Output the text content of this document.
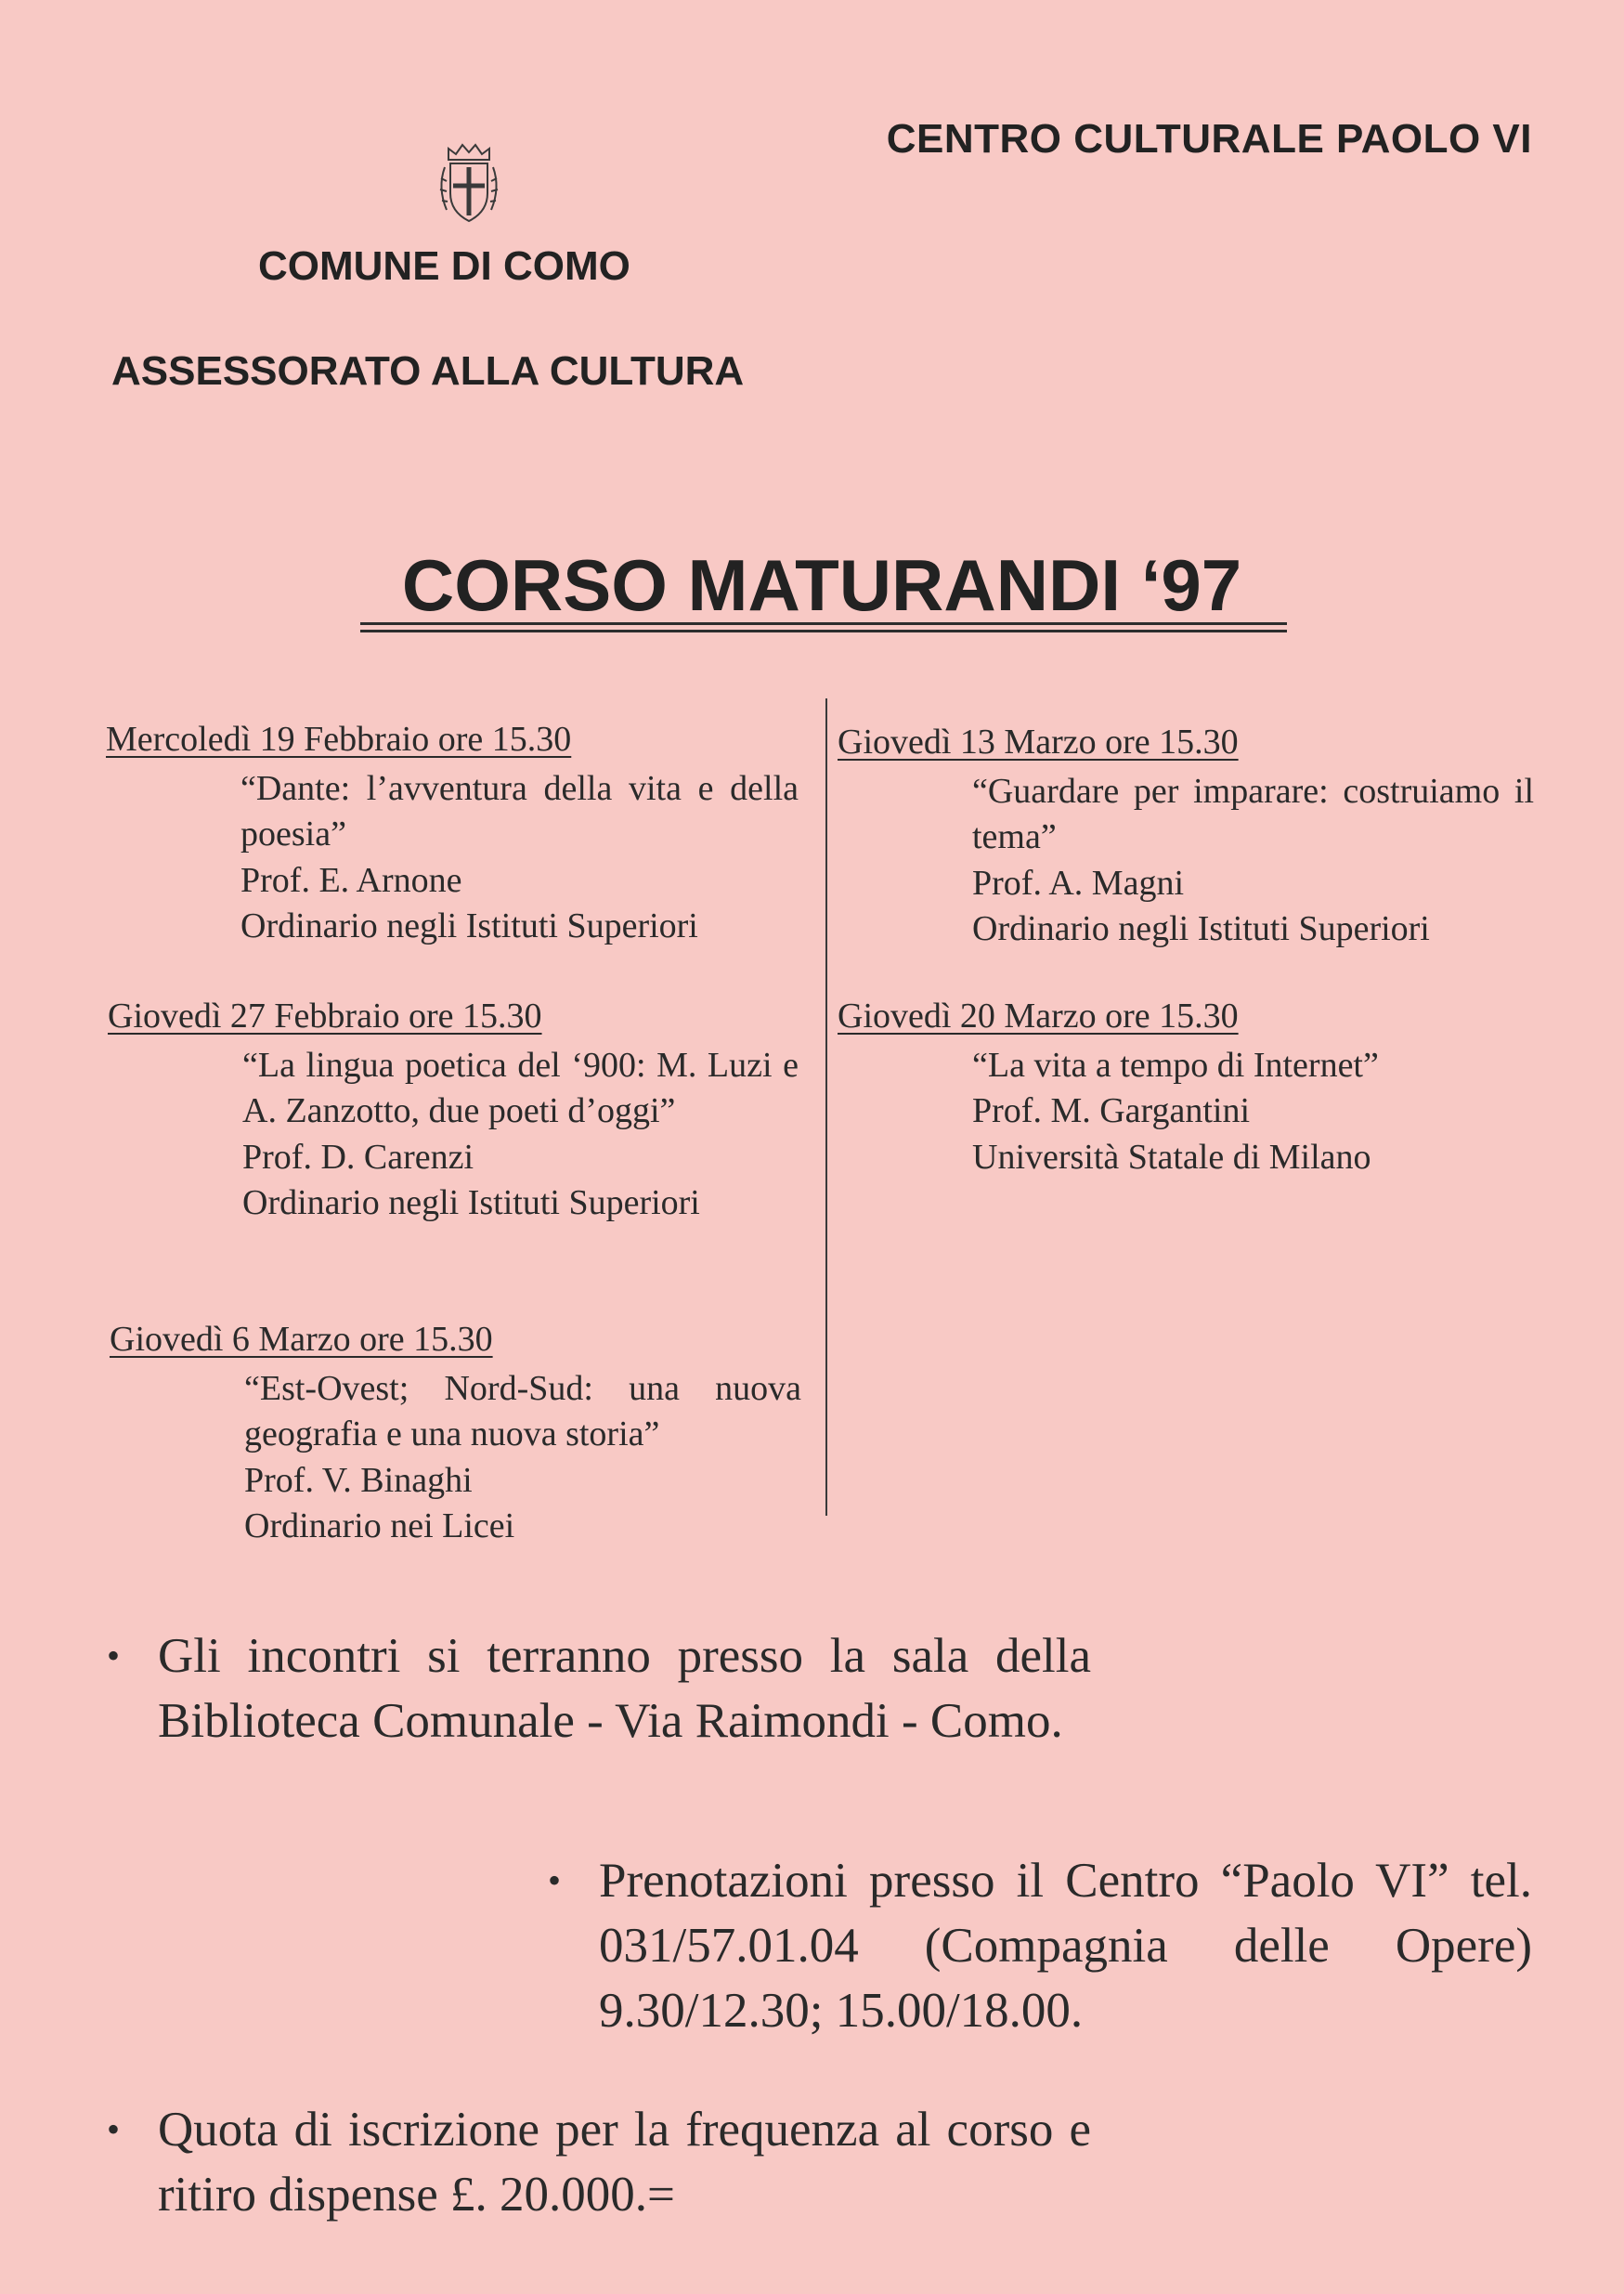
CENTRO CULTURALE PAOLO VI
COMUNE DI COMO
ASSESSORATO ALLA CULTURA
CORSO MATURANDI ‘97
Mercoledì 19 Febbraio ore 15.30
“Dante: l’avventura della vita e della poesia”
Prof. E. Arnone
Ordinario negli Istituti Superiori
Giovedì 27 Febbraio ore 15.30
“La lingua poetica del ‘900: M. Luzi e A. Zanzotto, due poeti d’oggi”
Prof. D. Carenzi
Ordinario negli Istituti Superiori
Giovedì 6 Marzo ore 15.30
“Est-Ovest; Nord-Sud: una nuova geografia e una nuova storia”
Prof. V. Binaghi
Ordinario nei Licei
Giovedì 13 Marzo ore 15.30
“Guardare per imparare: costruiamo il tema”
Prof. A. Magni
Ordinario negli Istituti Superiori
Giovedì 20 Marzo ore 15.30
“La vita a tempo di Internet”
Prof. M. Gargantini
Università Statale di Milano
• Gli incontri si terranno presso la sala della Biblioteca Comunale - Via Raimondi - Como.
• Prenotazioni presso il Centro “Paolo VI” tel. 031/57.01.04 (Compagnia delle Opere) 9.30/12.30; 15.00/18.00.
• Quota di iscrizione per la frequenza al corso e ritiro dispense £. 20.000.=
